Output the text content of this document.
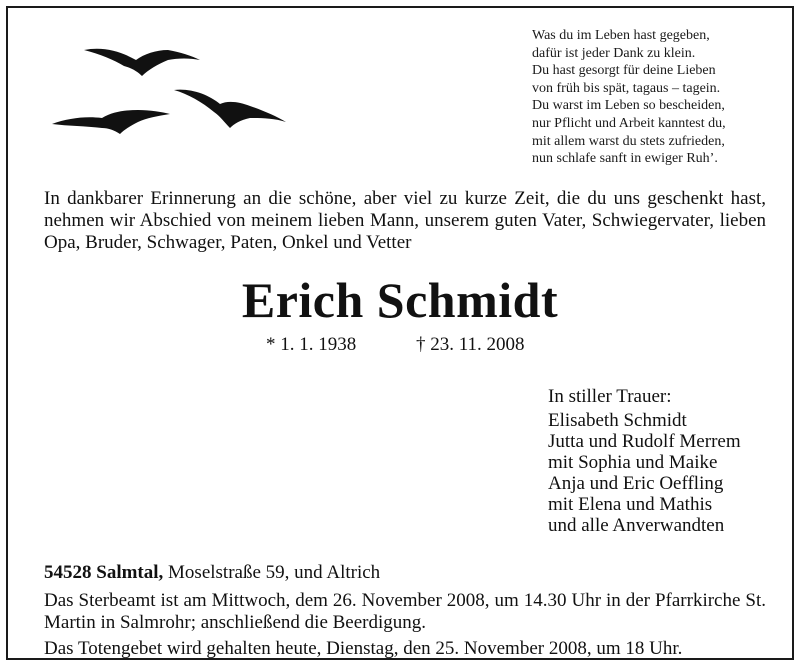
Was du im Leben hast gegeben,
dafür ist jeder Dank zu klein.
Du hast gesorgt für deine Lieben
von früh bis spät, tagaus – tagein.
Du warst im Leben so bescheiden,
nur Pflicht und Arbeit kanntest du,
mit allem warst du stets zufrieden,
nun schlafe sanft in ewiger Ruh’.

In dankbarer Erinnerung an die schöne, aber viel zu kurze Zeit, die du uns geschenkt hast, nehmen wir Abschied von meinem lieben Mann, unserem guten Vater, Schwiegervater, lieben Opa, Bruder, Schwager, Paten, Onkel und Vetter

Erich Schmidt
* 1. 1. 1938	† 23. 11. 2008
In stiller Trauer:
Elisabeth Schmidt
Jutta und Rudolf Merrem
mit Sophia und Maike
Anja und Eric Oeffling
mit Elena und Mathis
und alle Anverwandten
54528 Salmtal, Moselstraße 59, und Altrich

Das Sterbeamt ist am Mittwoch, dem 26. November 2008, um 14.30 Uhr in der Pfarrkirche St. Martin in Salmrohr; anschließend die Beerdigung.

Das Totengebet wird gehalten heute, Dienstag, den 25. November 2008, um 18 Uhr.
